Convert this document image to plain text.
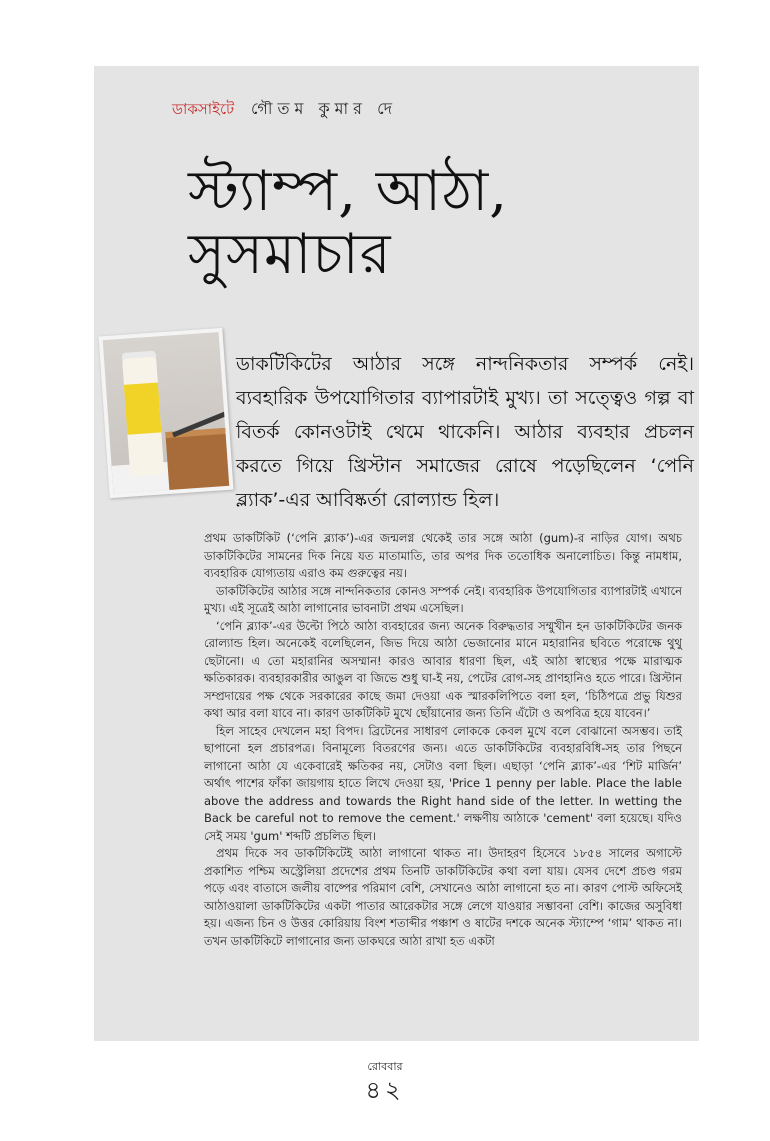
ডাকসাইটে গৌতম কুমার দে
স্ট্যাম্প, আঠা,
সুসমাচার

ডাকটিকিটের আঠার সঙ্গে নান্দনিকতার সম্পর্ক নেই। ব্যবহারিক উপযোগিতার ব্যাপারটাই মুখ্য। তা সত্ত্বেও গল্প বা বিতর্ক কোনওটাই থেমে থাকেনি। আঠার ব্যবহার প্রচলন করতে গিয়ে খ্রিস্টান সমাজের রোষে পড়েছিলেন ‘পেনি ব্ল্যাক’-এর আবিষ্কর্তা রোল্যান্ড হিল।

প্রথম ডাকটিকিট (‘পেনি ব্ল্যাক’)-এর জন্মলগ্ন থেকেই তার সঙ্গে আঠা (gum)-র নাড়ির যোগ। অথচ ডাকটিকিটের সামনের দিক নিয়ে যত মাতামাতি, তার অপর দিক ততোধিক অনালোচিত। কিন্তু নামধাম, ব্যবহারিক যোগ্যতায় এরাও কম গুরুত্বের নয়।

ডাকটিকিটের আঠার সঙ্গে নান্দনিকতার কোনও সম্পর্ক নেই। ব্যবহারিক উপযোগিতার ব্যাপারটাই এখানে মুখ্য। এই সূত্রেই আঠা লাগানোর ভাবনাটা প্রথম এসেছিল।

‘পেনি ব্ল্যাক’-এর উল্টো পিঠে আঠা ব্যবহারের জন্য অনেক বিরুদ্ধতার সম্মুখীন হন ডাকটিকিটের জনক রোল্যান্ড হিল। অনেকেই বলেছিলেন, জিভ দিয়ে আঠা ভেজানোর মানে মহারানির ছবিতে পরোক্ষে থুথু ছেটানো। এ তো মহারানির অসম্মান! কারও আবার ধারণা ছিল, এই আঠা স্বাস্থ্যের পক্ষে মারাত্মক ক্ষতিকারক। ব্যবহারকারীর আঙুল বা জিভে শুধু ঘা-ই নয়, পেটের রোগ-সহ প্রাণহানিও হতে পারে। খ্রিস্টান সম্প্রদায়ের পক্ষ থেকে সরকারের কাছে জমা দেওয়া এক স্মারকলিপিতে বলা হল, ‘চিঠিপত্রে প্রভু যিশুর কথা আর বলা যাবে না। কারণ ডাকটিকিট মুখে ছোঁয়ানোর জন্য তিনি এঁটো ও অপবিত্র হয়ে যাবেন।’

হিল সাহেব দেখলেন মহা বিপদ। ব্রিটেনের সাধারণ লোককে কেবল মুখে বলে বোঝানো অসম্ভব। তাই ছাপানো হল প্রচারপত্র। বিনামূল্যে বিতরণের জন্য। এতে ডাকটিকিটের ব্যবহারবিধি-সহ তার পিছনে লাগানো আঠা যে একেবারেই ক্ষতিকর নয়, সেটাও বলা ছিল। এছাড়া ‘পেনি ব্ল্যাক’-এর ‘শিট মার্জিন’ অর্থাৎ পাশের ফাঁকা জায়গায় হাতে লিখে দেওয়া হয়, 'Price 1 penny per lable. Place the lable above the address and towards the Right hand side of the letter. In wetting the Back be careful not to remove the cement.' লক্ষণীয় আঠাকে 'cement' বলা হয়েছে। যদিও সেই সময় 'gum' শব্দটি প্রচলিত ছিল।

প্রথম দিকে সব ডাকটিকিটেই আঠা লাগানো থাকত না। উদাহরণ হিসেবে ১৮৫৪ সালের অগাস্টে প্রকাশিত পশ্চিম অস্ট্রেলিয়া প্রদেশের প্রথম তিনটি ডাকটিকিটের কথা বলা যায়। যেসব দেশে প্রচণ্ড গরম পড়ে এবং বাতাসে জলীয় বাষ্পের পরিমাণ বেশি, সেখানেও আঠা লাগানো হত না। কারণ পোস্ট অফিসেই আঠাওয়ালা ডাকটিকিটের একটা পাতার আরেকটার সঙ্গে লেগে যাওয়ার সম্ভাবনা বেশি। কাজের অসুবিধা হয়। এজন্য চিন ও উত্তর কোরিয়ায় বিংশ শতাব্দীর পঞ্চাশ ও ষাটের দশকে অনেক স্ট্যাম্পে ‘গাম’ থাকত না। তখন ডাকটিকিটে লাগানোর জন্য ডাকঘরে আঠা রাখা হত একটা

রোববার
৪২
